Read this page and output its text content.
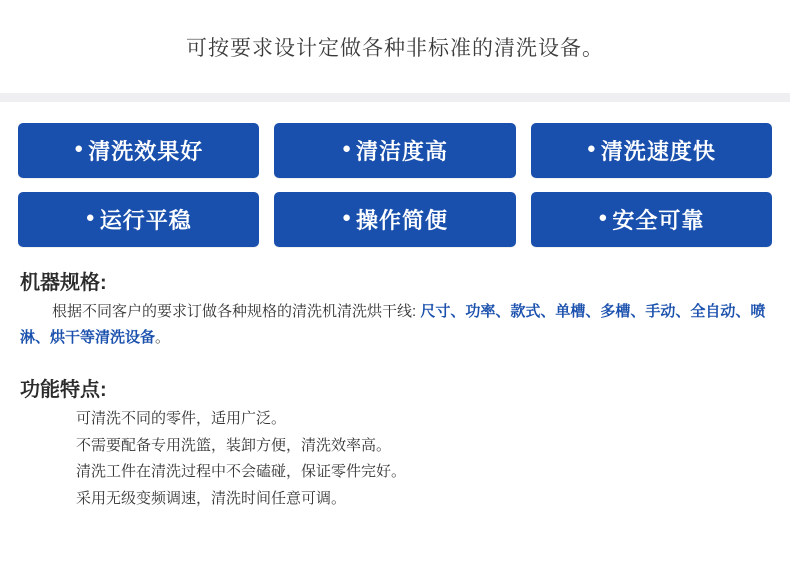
可按要求设计定做各种非标准的清洗设备。
● 清洗效果好	● 清洁度高	● 清洗速度快
● 运行平稳	● 操作简便	● 安全可靠
机器规格:

根据不同客户的要求订做各种规格的清洗机清洗烘干线: 尺寸、功率、款式、单槽、多槽、手动、全自动、喷淋、烘干等清洗设备。

功能特点:
可清洗不同的零件，适用广泛。
不需要配备专用洗篮，装卸方便，清洗效率高。
清洗工件在清洗过程中不会磕碰，保证零件完好。
采用无级变频调速，清洗时间任意可调。
